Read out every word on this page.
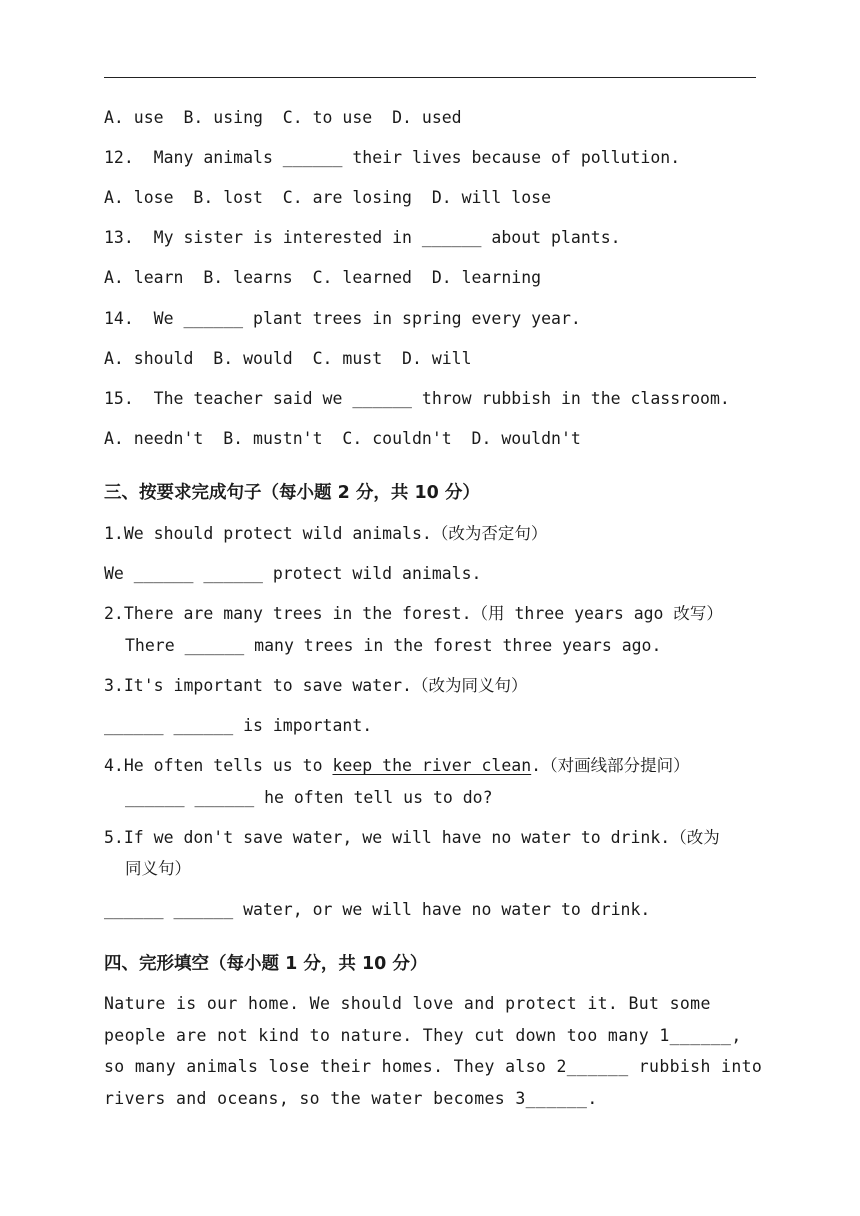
A. use  B. using  C. to use  D. used
12.  Many animals ______ their lives because of pollution.
A. lose  B. lost  C. are losing  D. will lose
13.  My sister is interested in ______ about plants.
A. learn  B. learns  C. learned  D. learning
14.  We ______ plant trees in spring every year.
A. should  B. would  C. must  D. will
15.  The teacher said we ______ throw rubbish in the classroom.
A. needn't  B. mustn't  C. couldn't  D. wouldn't
三、按要求完成句子（每小题 2 分，共 10 分）
1.We should protect wild animals.（改为否定句）
We ______ ______ protect wild animals.
2.There are many trees in the forest.（用 three years ago 改写）
There ______ many trees in the forest three years ago.
3.It's important to save water.（改为同义句）
______ ______ is important.
4.He often tells us to keep the river clean.（对画线部分提问）
______ ______ he often tell us to do?
5.If we don't save water, we will have no water to drink.（改为
同义句）
______ ______ water, or we will have no water to drink.
四、完形填空（每小题 1 分，共 10 分）
Nature is our home. We should love and protect it. But some
people are not kind to nature. They cut down too many 1______,
so many animals lose their homes. They also 2______ rubbish into
rivers and oceans, so the water becomes 3______.
